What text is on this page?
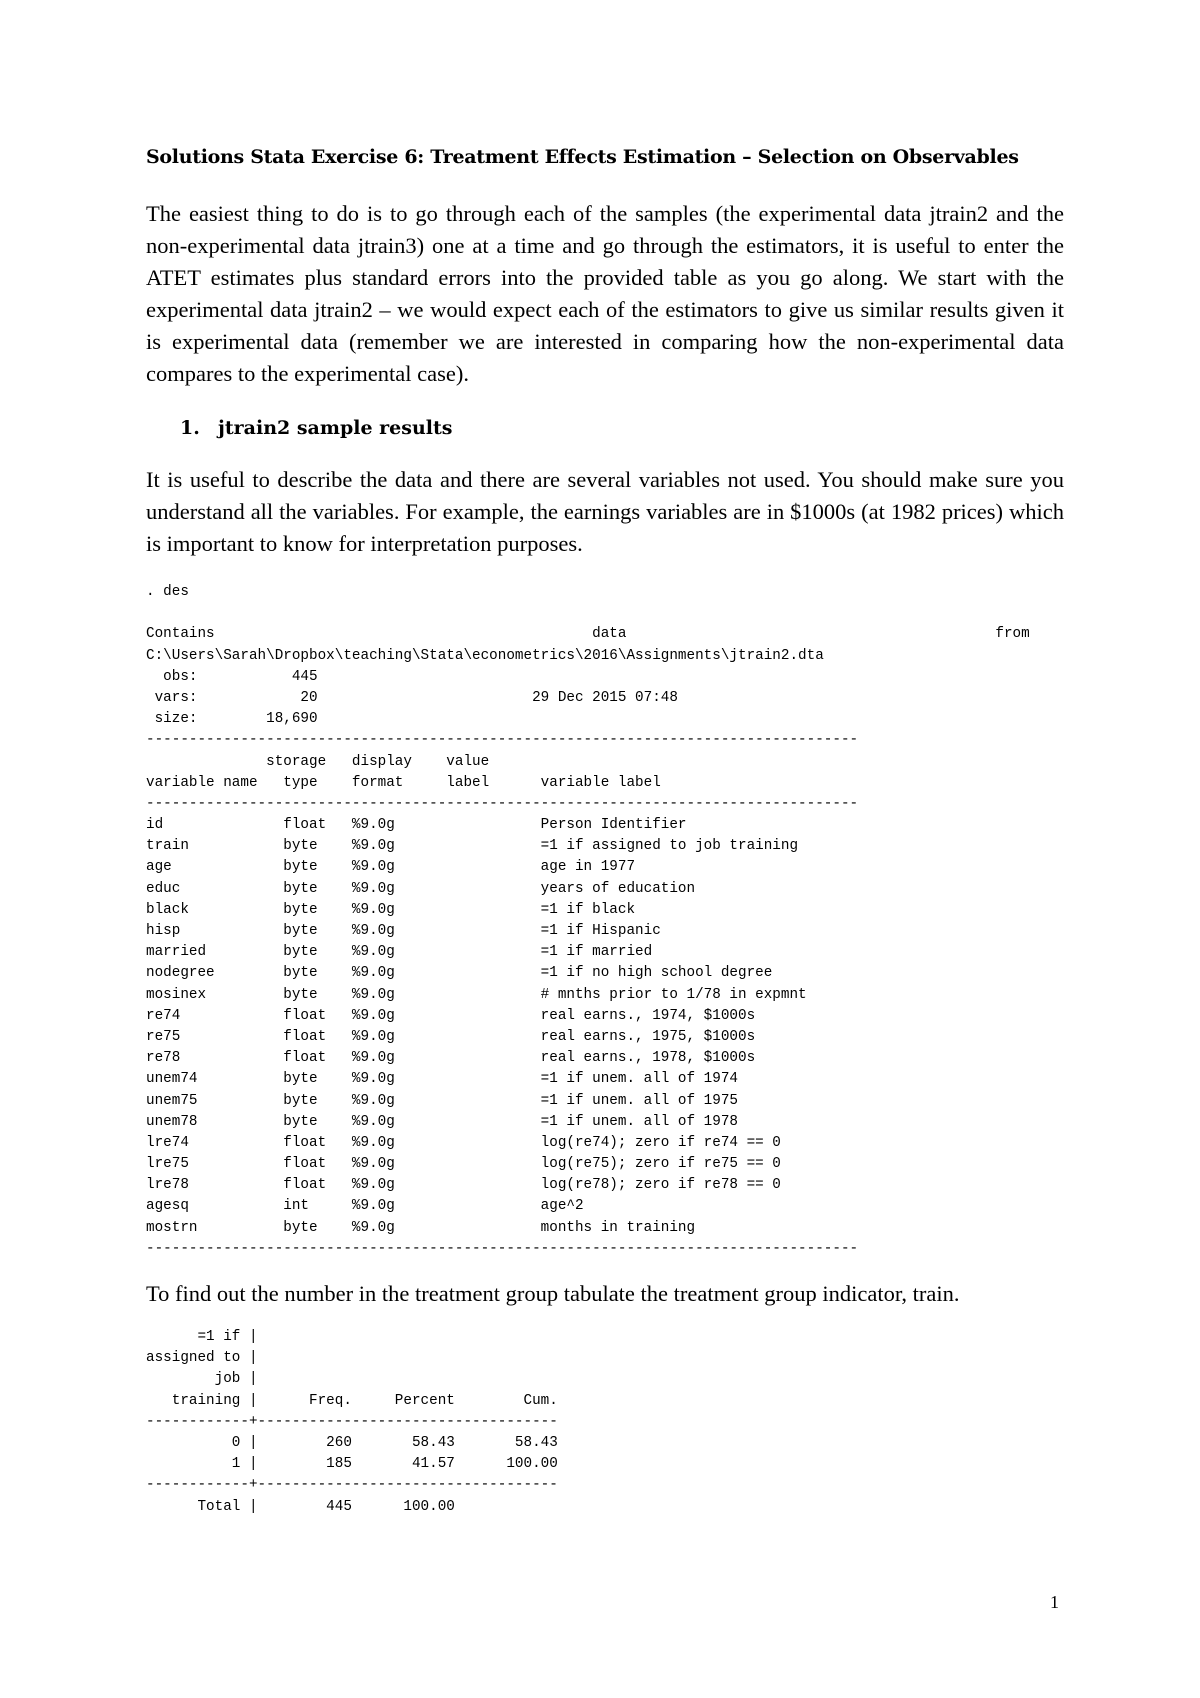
Solutions Stata Exercise 6: Treatment Effects Estimation – Selection on Observables

The easiest thing to do is to go through each of the samples (the experimental data jtrain2 and the non-experimental data jtrain3) one at a time and go through the estimators, it is useful to enter the ATET estimates plus standard errors into the provided table as you go along. We start with the experimental data jtrain2 – we would expect each of the estimators to give us similar results given it is experimental data (remember we are interested in comparing how the non-experimental data compares to the experimental case).

1. jtrain2 sample results

It is useful to describe the data and there are several variables not used. You should make sure you understand all the variables. For example, the earnings variables are in $1000s (at 1982 prices) which is important to know for interpretation purposes.

. des
Contains                                            data                                           from
C:\Users\Sarah\Dropbox\teaching\Stata\econometrics\2016\Assignments\jtrain2.dta
obs:           445
vars:            20                         29 Dec 2015 07:48
size:        18,690
-----------------------------------------------------------------------------------
storage   display    value
variable name   type    format     label      variable label
-----------------------------------------------------------------------------------
id              float   %9.0g                 Person Identifier
train           byte    %9.0g                 =1 if assigned to job training
age             byte    %9.0g                 age in 1977
educ            byte    %9.0g                 years of education
black           byte    %9.0g                 =1 if black
hisp            byte    %9.0g                 =1 if Hispanic
married         byte    %9.0g                 =1 if married
nodegree        byte    %9.0g                 =1 if no high school degree
mosinex         byte    %9.0g                 # mnths prior to 1/78 in expmnt
re74            float   %9.0g                 real earns., 1974, $1000s
re75            float   %9.0g                 real earns., 1975, $1000s
re78            float   %9.0g                 real earns., 1978, $1000s
unem74          byte    %9.0g                 =1 if unem. all of 1974
unem75          byte    %9.0g                 =1 if unem. all of 1975
unem78          byte    %9.0g                 =1 if unem. all of 1978
lre74           float   %9.0g                 log(re74); zero if re74 == 0
lre75           float   %9.0g                 log(re75); zero if re75 == 0
lre78           float   %9.0g                 log(re78); zero if re78 == 0
agesq           int     %9.0g                 age^2
mostrn          byte    %9.0g                 months in training
-----------------------------------------------------------------------------------

To find out the number in the treatment group tabulate the treatment group indicator, train.

=1 if |
assigned to |
job |
training |      Freq.     Percent        Cum.
------------+-----------------------------------
0 |        260       58.43       58.43
1 |        185       41.57      100.00
------------+-----------------------------------
Total |        445      100.00
1
